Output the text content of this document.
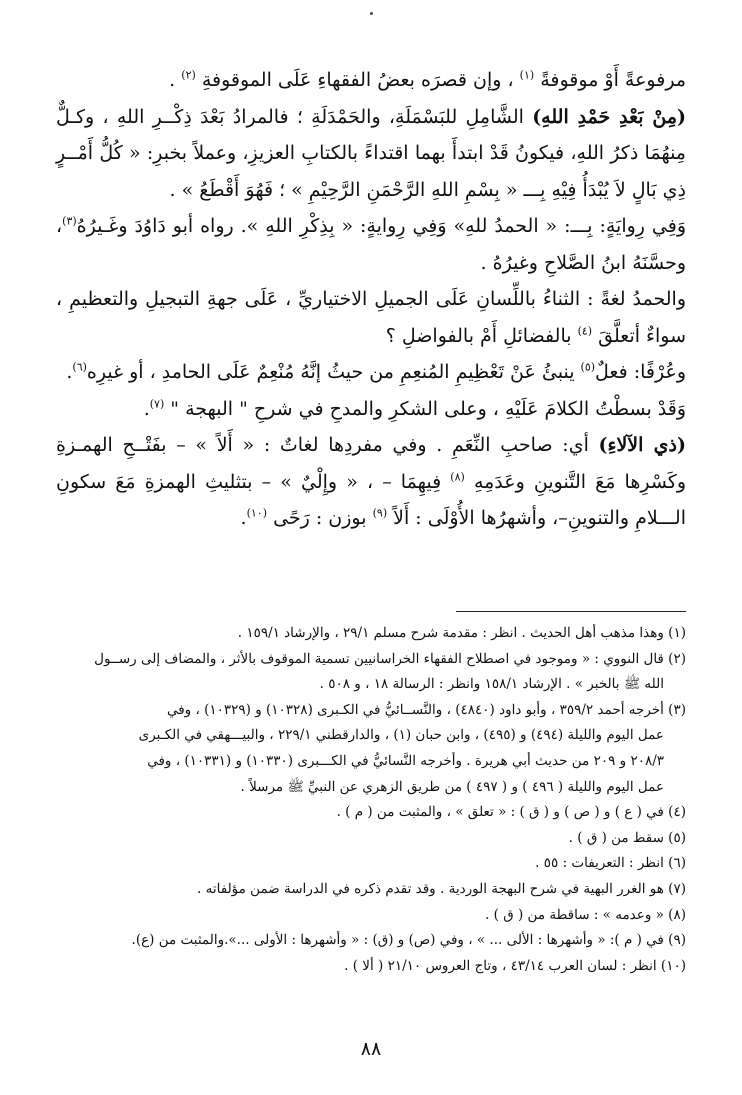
مرفوعةً أَوْ موقوفةً $^{(١)}$ ، وإن قصرَه بعضُ الفقهاءِ عَلَى الموقوفةِ $^{(٢)}$ .

(مِنْ بَعْدِ حَمْدِ اللهِ) الشَّامِلِ للبَسْمَلَةِ، والحَمْدَلَةِ ؛ فالمرادُ بَعْدَ ذِكْــرِ اللهِ ، وكـلٌّ مِنهُمَا ذكرُ اللهِ، فيكونُ قَدْ ابتدأَ بهما اقتداءً بالكتابِ العزيزِ، وعملاً بخبرِ: « كُلُّ أَمْــرٍ ذِي بَالٍ لاَ يُبْدَأُ فِيْهِ بِـــ « بِسْمِ اللهِ الرَّحْمَنِ الرَّحِيْمِ » ؛ فَهُوَ أَقْطَعُ » .

وَفِي رِوايَةٍ: بِـــ: « الحمدُ للهِ» وَفِي رِوايةٍ: « بِذِكْرِ اللهِ ». رواه أبو دَاوُدَ وغَـيرُهُ$^{(٣)}$، وحسَّنَهُ ابنُ الصَّلاحِ وغيرُهُ .

والحمدُ لغةً : الثناءُ باللِّسانِ عَلَى الجميلِ الاختياريِّ ، عَلَى جهةِ التبجيلِ والتعظيمِ ، سواءٌ أتعلَّقَ $^{(٤)}$ بالفضائلِ أَمْ بالفواضلِ ؟

وعُرْفًا: فعلٌ$^{(٥)}$ ينبئُ عَنْ تَعْظِيمِ المُنعِمِ من حيثُ إنَّهُ مُنْعِمٌ عَلَى الحامدِ ، أو غيرِه$^{(٦)}$.

وَقَدْ بسطْتُ الكلامَ عَلَيْهِ ، وعلى الشكرِ والمدحِ في شرحِ " البهجة " $^{(٧)}$.

(ذي الآلاءِ) أي: صاحبِ النِّعَمِ . وفي مفردِها لغاتٌ : « أَلاً » – بفَتْــحِ الهمـزةِ وكَسْرِها مَعَ التَّنوينِ وعَدَمِهِ $^{(٨)}$ فِيهِمَا – ، « وإِلْيٌ » – بتثليثِ الهمزةِ مَعَ سكونِ الـــلامِ والتنوينِ–، وأشهرُها الأُوْلَى : أَلاً $^{(٩)}$ بوزن : رَحًى $^{(١٠)}$.

(١) وهذا مذهب أهل الحديث . انظر : مقدمة شرح مسلم ٢٩/١ ، والإرشاد ١٥٩/١ .

(٢) قال النووي : « وموجود في اصطلاح الفقهاء الخراسانيين تسمية الموقوف بالأثر ، والمضاف إلى رســول

الله ﷺ بالخبر » . الإرشاد ١٥٨/١ وانظر : الرسالة ١٨ ، و ٥٠٨ .

(٣) أخرجه أحمد ٣٥٩/٢ ، وأبو داود (٤٨٤٠) ، والنَّســائيُّ في الكـبرى (١٠٣٢٨) و (١٠٣٢٩) ، وفي

عمل اليوم والليلة (٤٩٤) و (٤٩٥) ، وابن حبان (١) ، والدارقطني ٢٢٩/١ ، والبيـــهقي في الكـبرى

٢٠٨/٣ و ٢٠٩ من حديث أبي هريرة . وأخرجه النَّسائيُّ في الكـــبرى (١٠٣٣٠) و (١٠٣٣١) ، وفي

عمل اليوم والليلة ( ٤٩٦ ) و ( ٤٩٧ ) من طريق الزهري عن النبيِّ ﷺ مرسلاً .

(٤) في ( ع ) و ( ص ) و ( ق ) : « تعلق » ، والمثبت من ( م ) .

(٥) سقط من ( ق ) .

(٦) انظر : التعريفات : ٥٥ .

(٧) هو الغرر البهية في شرح البهجة الوردية . وقد تقدم ذكره في الدراسة ضمن مؤلفاته .

(٨) « وعدمه » : ساقطة من ( ق ) .

(٩) في ( م ): « وأشهرها : الألى ... » ، وفي (ص) و (ق) : « وأشهرها : الأولى ...».والمثبت من (ع).

(١٠) انظر : لسان العرب ٤٣/١٤ ، وتاج العروس ٢١/١٠ ( ألا ) .

٨٨
